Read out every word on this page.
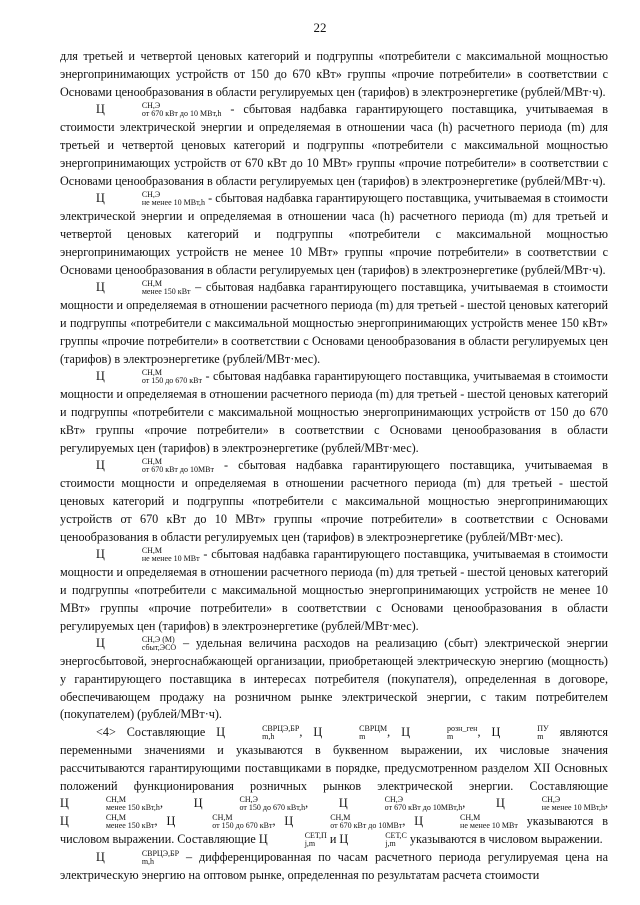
22

для третьей и четвертой ценовых категорий и подгруппы «потребители с максимальной мощностью энергопринимающих устройств от 150 до 670 кВт» группы «прочие потребители» в соответствии с Основами ценообразования в области регулируемых цен (тарифов) в электроэнергетике (рублей/МВт·ч).

Ц	СН,Э
от 670 кВт до 10 МВт,h - сбытовая надбавка гарантирующего поставщика, учитываемая в стоимости электрической энергии и определяемая в отношении часа (h) расчетного периода (m) для третьей и четвертой ценовых категорий и подгруппы «потребители с максимальной мощностью энергопринимающих устройств от 670 кВт до 10 МВт» группы «прочие потребители» в соответствии с Основами ценообразования в области регулируемых цен (тарифов) в электроэнергетике (рублей/МВт·ч).

Ц	СН,Э
не менее 10 МВт,h - сбытовая надбавка гарантирующего поставщика, учитываемая в стоимости электрической энергии и определяемая в отношении часа (h) расчетного периода (m) для третьей и четвертой ценовых категорий и подгруппы «потребители с максимальной мощностью энергопринимающих устройств не менее 10 МВт» группы «прочие потребители» в соответствии с Основами ценообразования в области регулируемых цен (тарифов) в электроэнергетике (рублей/МВт·ч).

Ц	СН,М
менее 150 кВт – сбытовая надбавка гарантирующего поставщика, учитываемая в стоимости мощности и определяемая в отношении расчетного периода (m) для третьей - шестой ценовых категорий и подгруппы «потребители с максимальной мощностью энергопринимающих устройств менее 150 кВт» группы «прочие потребители» в соответствии с Основами ценообразования в области регулируемых цен (тарифов) в электроэнергетике (рублей/МВт·мес).

Ц	СН,М
от 150 до 670 кВт - сбытовая надбавка гарантирующего поставщика, учитываемая в стоимости мощности и определяемая в отношении расчетного периода (m) для третьей - шестой ценовых категорий и подгруппы «потребители с максимальной мощностью энергопринимающих устройств от 150 до 670 кВт» группы «прочие потребители» в соответствии с Основами ценообразования в области регулируемых цен (тарифов) в электроэнергетике (рублей/МВт·мес).

Ц	СН,М
от 670 кВт до 10МВт - сбытовая надбавка гарантирующего поставщика, учитываемая в стоимости мощности и определяемая в отношении расчетного периода (m) для третьей - шестой ценовых категорий и подгруппы «потребители с максимальной мощностью энергопринимающих устройств от 670 кВт до 10 МВт» группы «прочие потребители» в соответствии с Основами ценообразования в области регулируемых цен (тарифов) в электроэнергетике (рублей/МВт·мес).

Ц	СН,М
не менее 10 МВт - сбытовая надбавка гарантирующего поставщика, учитываемая в стоимости мощности и определяемая в отношении расчетного периода (m) для третьей - шестой ценовых категорий и подгруппы «потребители с максимальной мощностью энергопринимающих устройств не менее 10 МВт» группы «прочие потребители» в соответствии с Основами ценообразования в области регулируемых цен (тарифов) в электроэнергетике (рублей/МВт·мес).

Ц	СН,Э (М)
сбыт,ЭСО – удельная величина расходов на реализацию (сбыт) электрической энергии энергосбытовой, энергоснабжающей организации, приобретающей электрическую энергию (мощность) у гарантирующего поставщика в интересах потребителя (покупателя), определенная в договоре, обеспечивающем продажу на розничном рынке электрической энергии, с таким потребителем (покупателем) (рублей/МВт·ч).

<4> Составляющие Ц	СВРЦЭ,БР
m,h	, Ц	СВРЦМ
m	, Ц	розн_ген
m	, Ц	ПУ
m являются переменными значениями и указываются в буквенном выражении, их числовые значения рассчитываются гарантирующими поставщиками в порядке, предусмотренном разделом XII Основных положений функционирования розничных рынков электрической энергии. Составляющие Ц	СН,М
менее 150 кВт,h ,	Ц	СН,Э
от 150 до 670 кВт,h ,	Ц	СН,Э
от 670 кВт до 10МВт,h ,	Ц	СН,Э
не менее 10 МВт,h , Ц	СН,М
менее 150 кВт , Ц	СН,М
от 150 до 670 кВт , Ц	СН,М
от 670 кВт до 10МВт , Ц	СН,М
не менее 10 МВт указываются в числовом выражении. Составляющие Ц	СЕТ,П
j,m и Ц	СЕТ,С
j,m указываются в числовом выражении.

Ц	СВРЦЭ,БР
m,h	– дифференцированная по часам расчетного периода регулируемая цена на электрическую энергию на оптовом рынке, определенная по результатам расчета стоимости
